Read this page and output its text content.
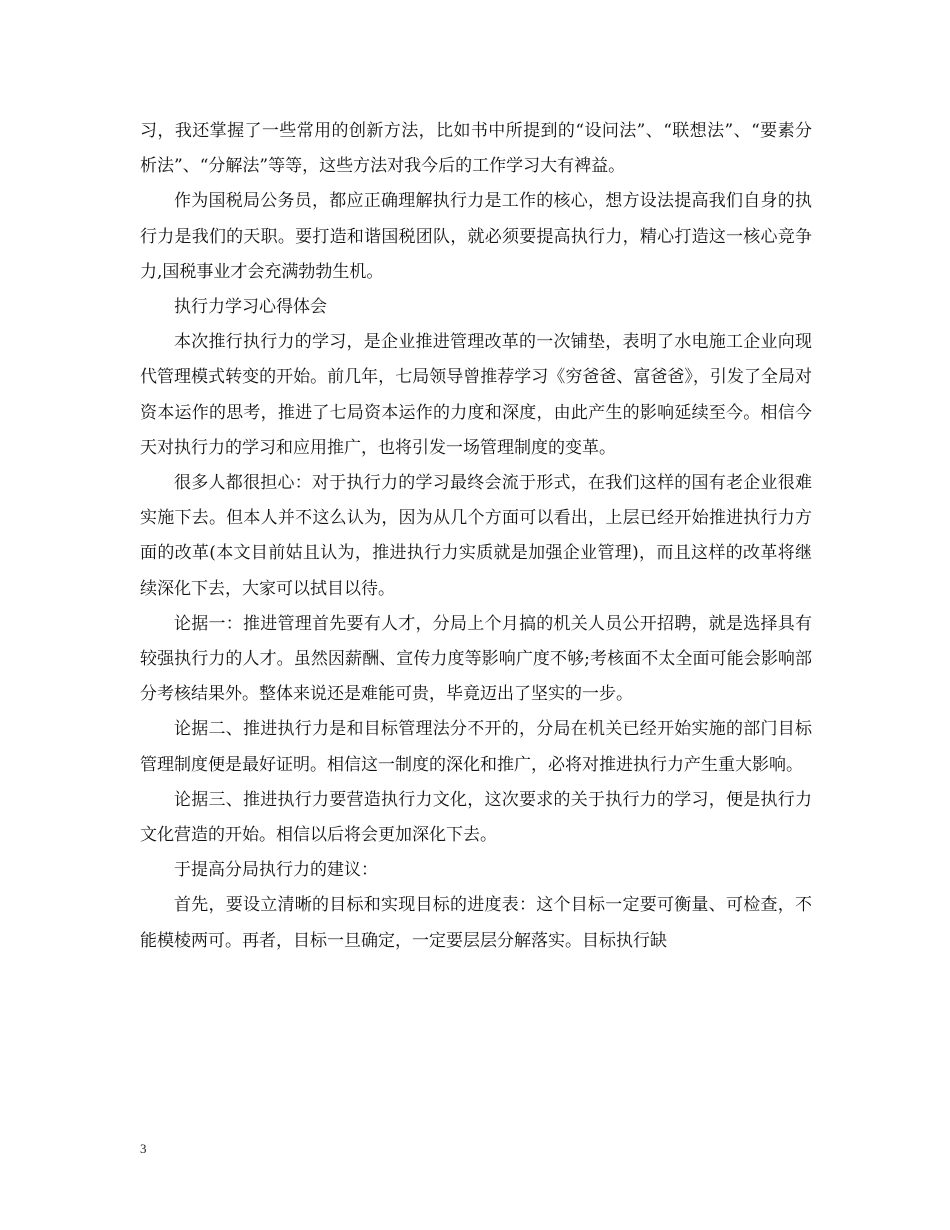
习，我还掌握了一些常用的创新方法，比如书中所提到的“设问法”、“联想法”、“要素分析法”、“分解法”等等，这些方法对我今后的工作学习大有裨益。

作为国税局公务员，都应正确理解执行力是工作的核心，想方设法提高我们自身的执行力是我们的天职。要打造和谐国税团队，就必须要提高执行力，精心打造这一核心竞争力,国税事业才会充满勃勃生机。

执行力学习心得体会

本次推行执行力的学习，是企业推进管理改革的一次铺垫，表明了水电施工企业向现代管理模式转变的开始。前几年，七局领导曾推荐学习《穷爸爸、富爸爸》，引发了全局对资本运作的思考，推进了七局资本运作的力度和深度，由此产生的影响延续至今。相信今天对执行力的学习和应用推广，也将引发一场管理制度的变革。

很多人都很担心：对于执行力的学习最终会流于形式，在我们这样的国有老企业很难实施下去。但本人并不这么认为，因为从几个方面可以看出，上层已经开始推进执行力方面的改革(本文目前姑且认为，推进执行力实质就是加强企业管理)，而且这样的改革将继续深化下去，大家可以拭目以待。

论据一：推进管理首先要有人才，分局上个月搞的机关人员公开招聘，就是选择具有较强执行力的人才。虽然因薪酬、宣传力度等影响广度不够;考核面不太全面可能会影响部分考核结果外。整体来说还是难能可贵，毕竟迈出了坚实的一步。

论据二、推进执行力是和目标管理法分不开的，分局在机关已经开始实施的部门目标管理制度便是最好证明。相信这一制度的深化和推广，必将对推进执行力产生重大影响。

论据三、推进执行力要营造执行力文化，这次要求的关于执行力的学习，便是执行力文化营造的开始。相信以后将会更加深化下去。

于提高分局执行力的建议：

首先，要设立清晰的目标和实现目标的进度表：这个目标一定要可衡量、可检查，不能模棱两可。再者，目标一旦确定，一定要层层分解落实。目标执行缺

3
